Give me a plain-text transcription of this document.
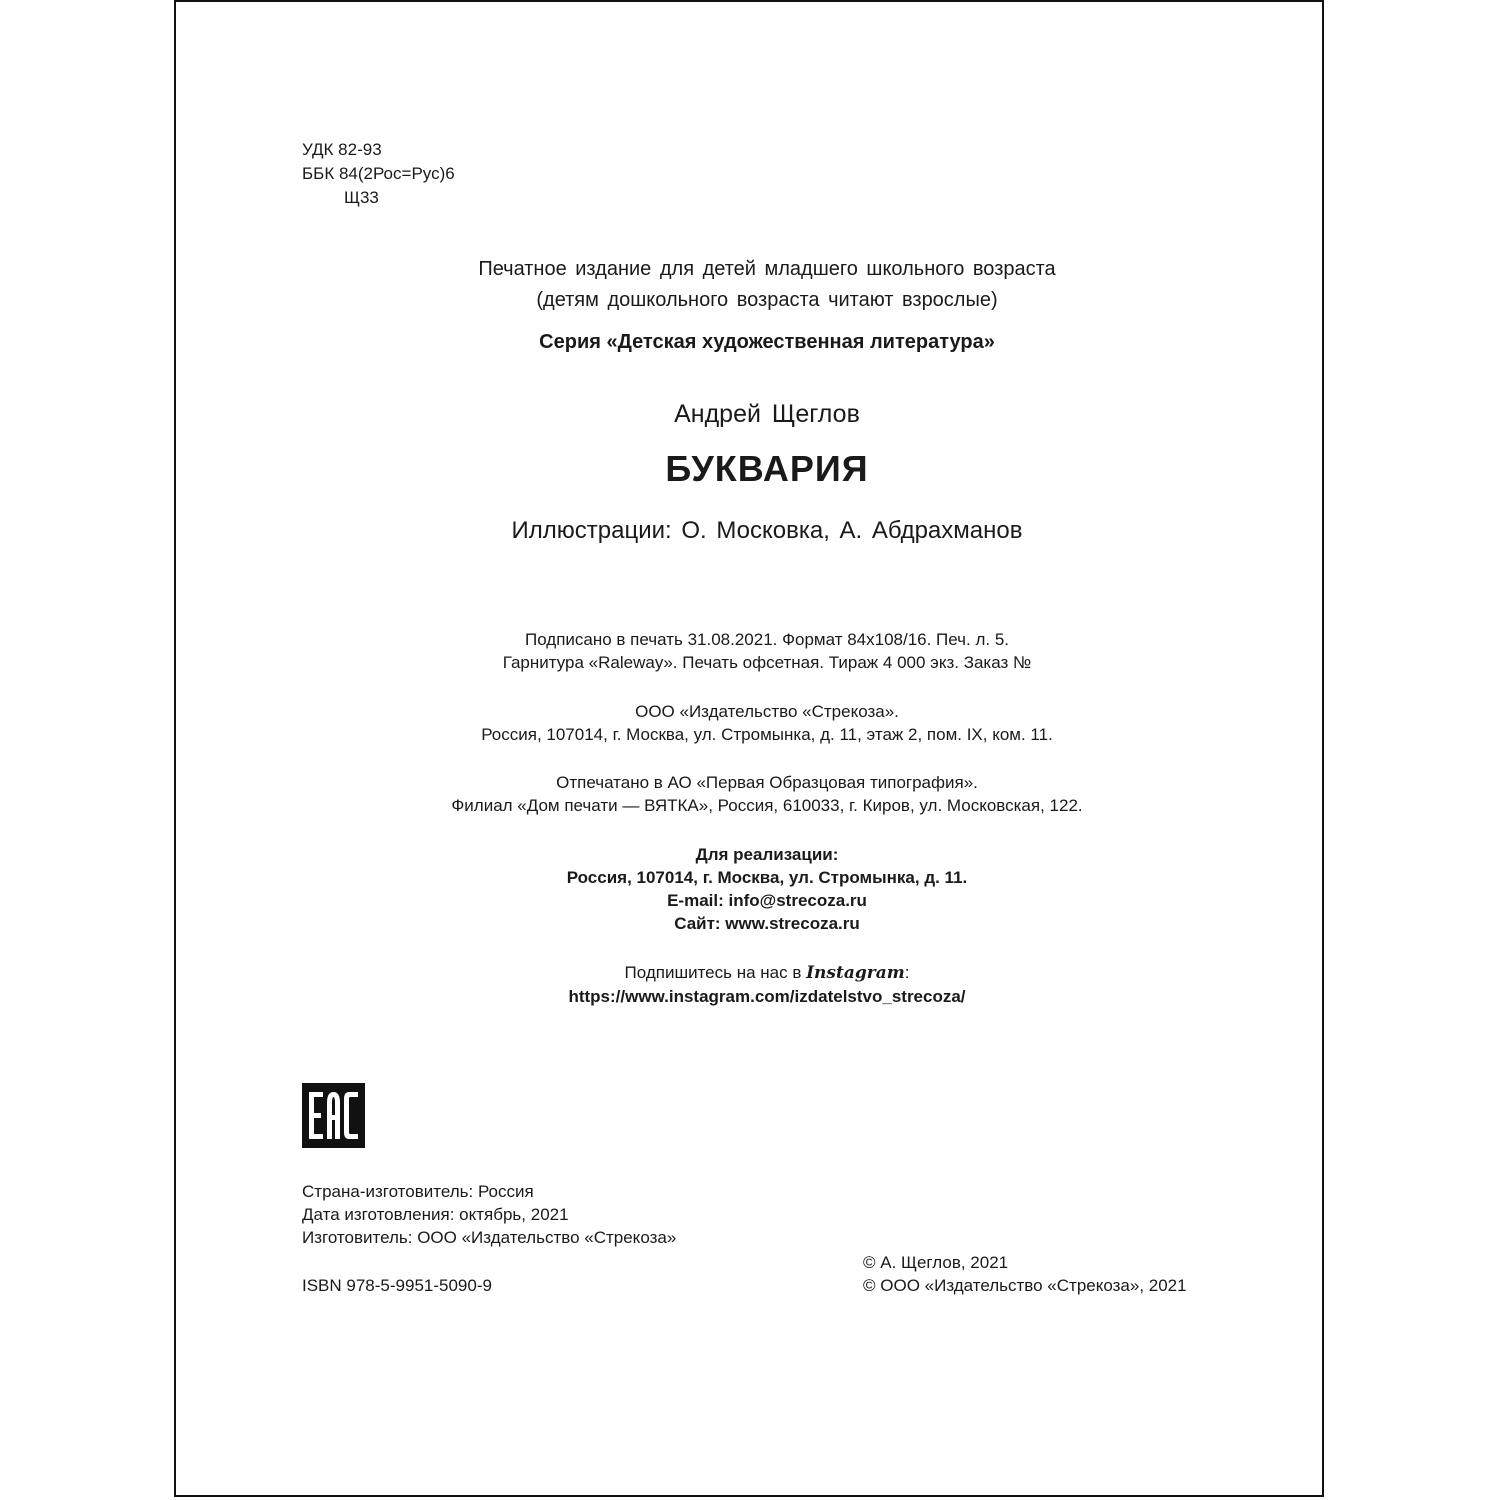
УДК 82-93
ББК 84(2Рос=Рус)6
Щ33
Печатное издание для детей младшего школьного возраста
(детям дошкольного возраста читают взрослые)
Серия «Детская художественная литература»
Андрей Щеглов
БУКВАРИЯ
Иллюстрации: О. Московка, А. Абдрахманов
Подписано в печать 31.08.2021. Формат 84x108/16. Печ. л. 5.
Гарнитура «Raleway». Печать офсетная. Тираж 4 000 экз. Заказ №
ООО «Издательство «Стрекоза».
Россия, 107014, г. Москва, ул. Стромынка, д. 11, этаж 2, пом. IX, ком. 11.
Отпечатано в АО «Первая Образцовая типография».
Филиал «Дом печати — ВЯТКА», Россия, 610033, г. Киров, ул. Московская, 122.
Для реализации:
Россия, 107014, г. Москва, ул. Стромынка, д. 11.
E-mail: info@strecoza.ru
Сайт: www.strecoza.ru
Подпишитесь на нас в Instagram:
https://www.instagram.com/izdatelstvo_strecoza/
Страна-изготовитель: Россия
Дата изготовления: октябрь, 2021
Изготовитель: ООО «Издательство «Стрекоза»
ISBN 978-5-9951-5090-9
© А. Щеглов, 2021
© ООО «Издательство «Стрекоза», 2021
